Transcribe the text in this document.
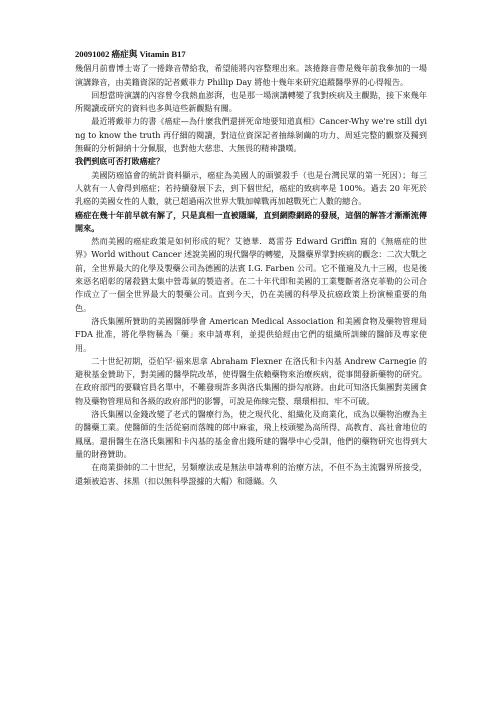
20091002 癌症與 Vitamin B17

幾個月前曹博士寄了一捲錄音帶給我，希望能將內容整理出來。該捲錄音帶是幾年前我參加的一場演講錄音，由美籍資深的記者戴菲力 Phillip Day 將他十幾年來研究追蹤醫學界的心得報告。

回想當時演講的內容曾令我熱血澎湃，也是那一場演講轉變了我對疾病及主觀點，接下來幾年所閱讀或研究的資料也多與這些新觀點有關。

最近將戴菲力的書《癌症—為什麼我們還拼死命地要知道真相》Cancer-Why we're still dying to know the truth 再仔細的閱讀，對這位資深記者抽絲剝繭的功力、周延完整的觀察及獨到無礙的分析歸納十分佩服，也對他大慈悲、大無畏的精神讚嘆。

我們到底可否打敗癌症？

美國防癌協會的統計資料顯示，癌症為美國人的頭號殺手（也是台灣民眾的第一死因）；每三人就有一人會得到癌症；若持續發展下去，到下個世紀，癌症的致病率是 100%。過去 20 年死於乳癌的美國女性的人數，就已超過兩次世界大戰加韓戰再加越戰死亡人數的總合。

癌症在幾十年前早就有解了，只是真相一直被隱瞞，直到網際網路的發展，這個的解答才漸漸流傳開來。

然而美國的癌症政策是如何形成的呢？艾德華．葛雷芬 Edward Griffin 寫的《無癌症的世界》World without Cancer 述說美國的現代醫學的轉變，及醫藥界掌對疾病的觀念：二次大戰之前，全世界最大的化學及製藥公司為德國的法賓 I.G. Farben 公司。它不僅遍及九十三國，也是後來惡名昭彰的屠殺猶太集中營毒氣的製造者。在二十年代即和美國的工業雙斷者洛克菲勒的公司合作成立了一個全世界最大的製藥公司。直到今天，仍在美國的科學及抗癌政策上扮演極重要的角色。

洛氏集團所贊助的美國醫師學會 American Medical Association 和美國食物及藥物管理局 FDA 批准，將化學物稱為「藥」來申請專利，並提供給經由它們的組織所訓練的醫師及專家使用。

二十世紀初期，亞伯罕·福來思拿 Abraham Flexner 在洛氏和卡內基 Andrew Carnegie 的避稅基金贊助下，對美國的醫學院改革，使得醫生依賴藥物來治療疾病，從事開發新藥物的研究。在政府部門的要職官員名單中，不難發現許多與洛氏集團的掛勾痕跡。由此可知洛氏集團對美國食物及藥物管理局和各級的政府部門的影響，可說是佈線完整、環環相扣、牢不可破。

洛氏集團以金錢改變了老式的醫療行為，使之現代化、組織化及商業化，成為以藥物治療為主的醫藥工業。使醫師的生活從窮而落魄的郎中麻雀，飛上枝頭變為高所得、高教育、高社會地位的鳳凰。還捐醫生在洛氏集團和卡內基的基金會出錢所建的醫學中心受訓，他們的藥物研究也得到大量的財務贊助。

在商業掛帥的二十世紀，另類療法或是無法申請專利的治療方法，不但不為主流醫界所接受，還頻被追害、抹黑（扣以無科學證據的大帽）和隱瞞。久
